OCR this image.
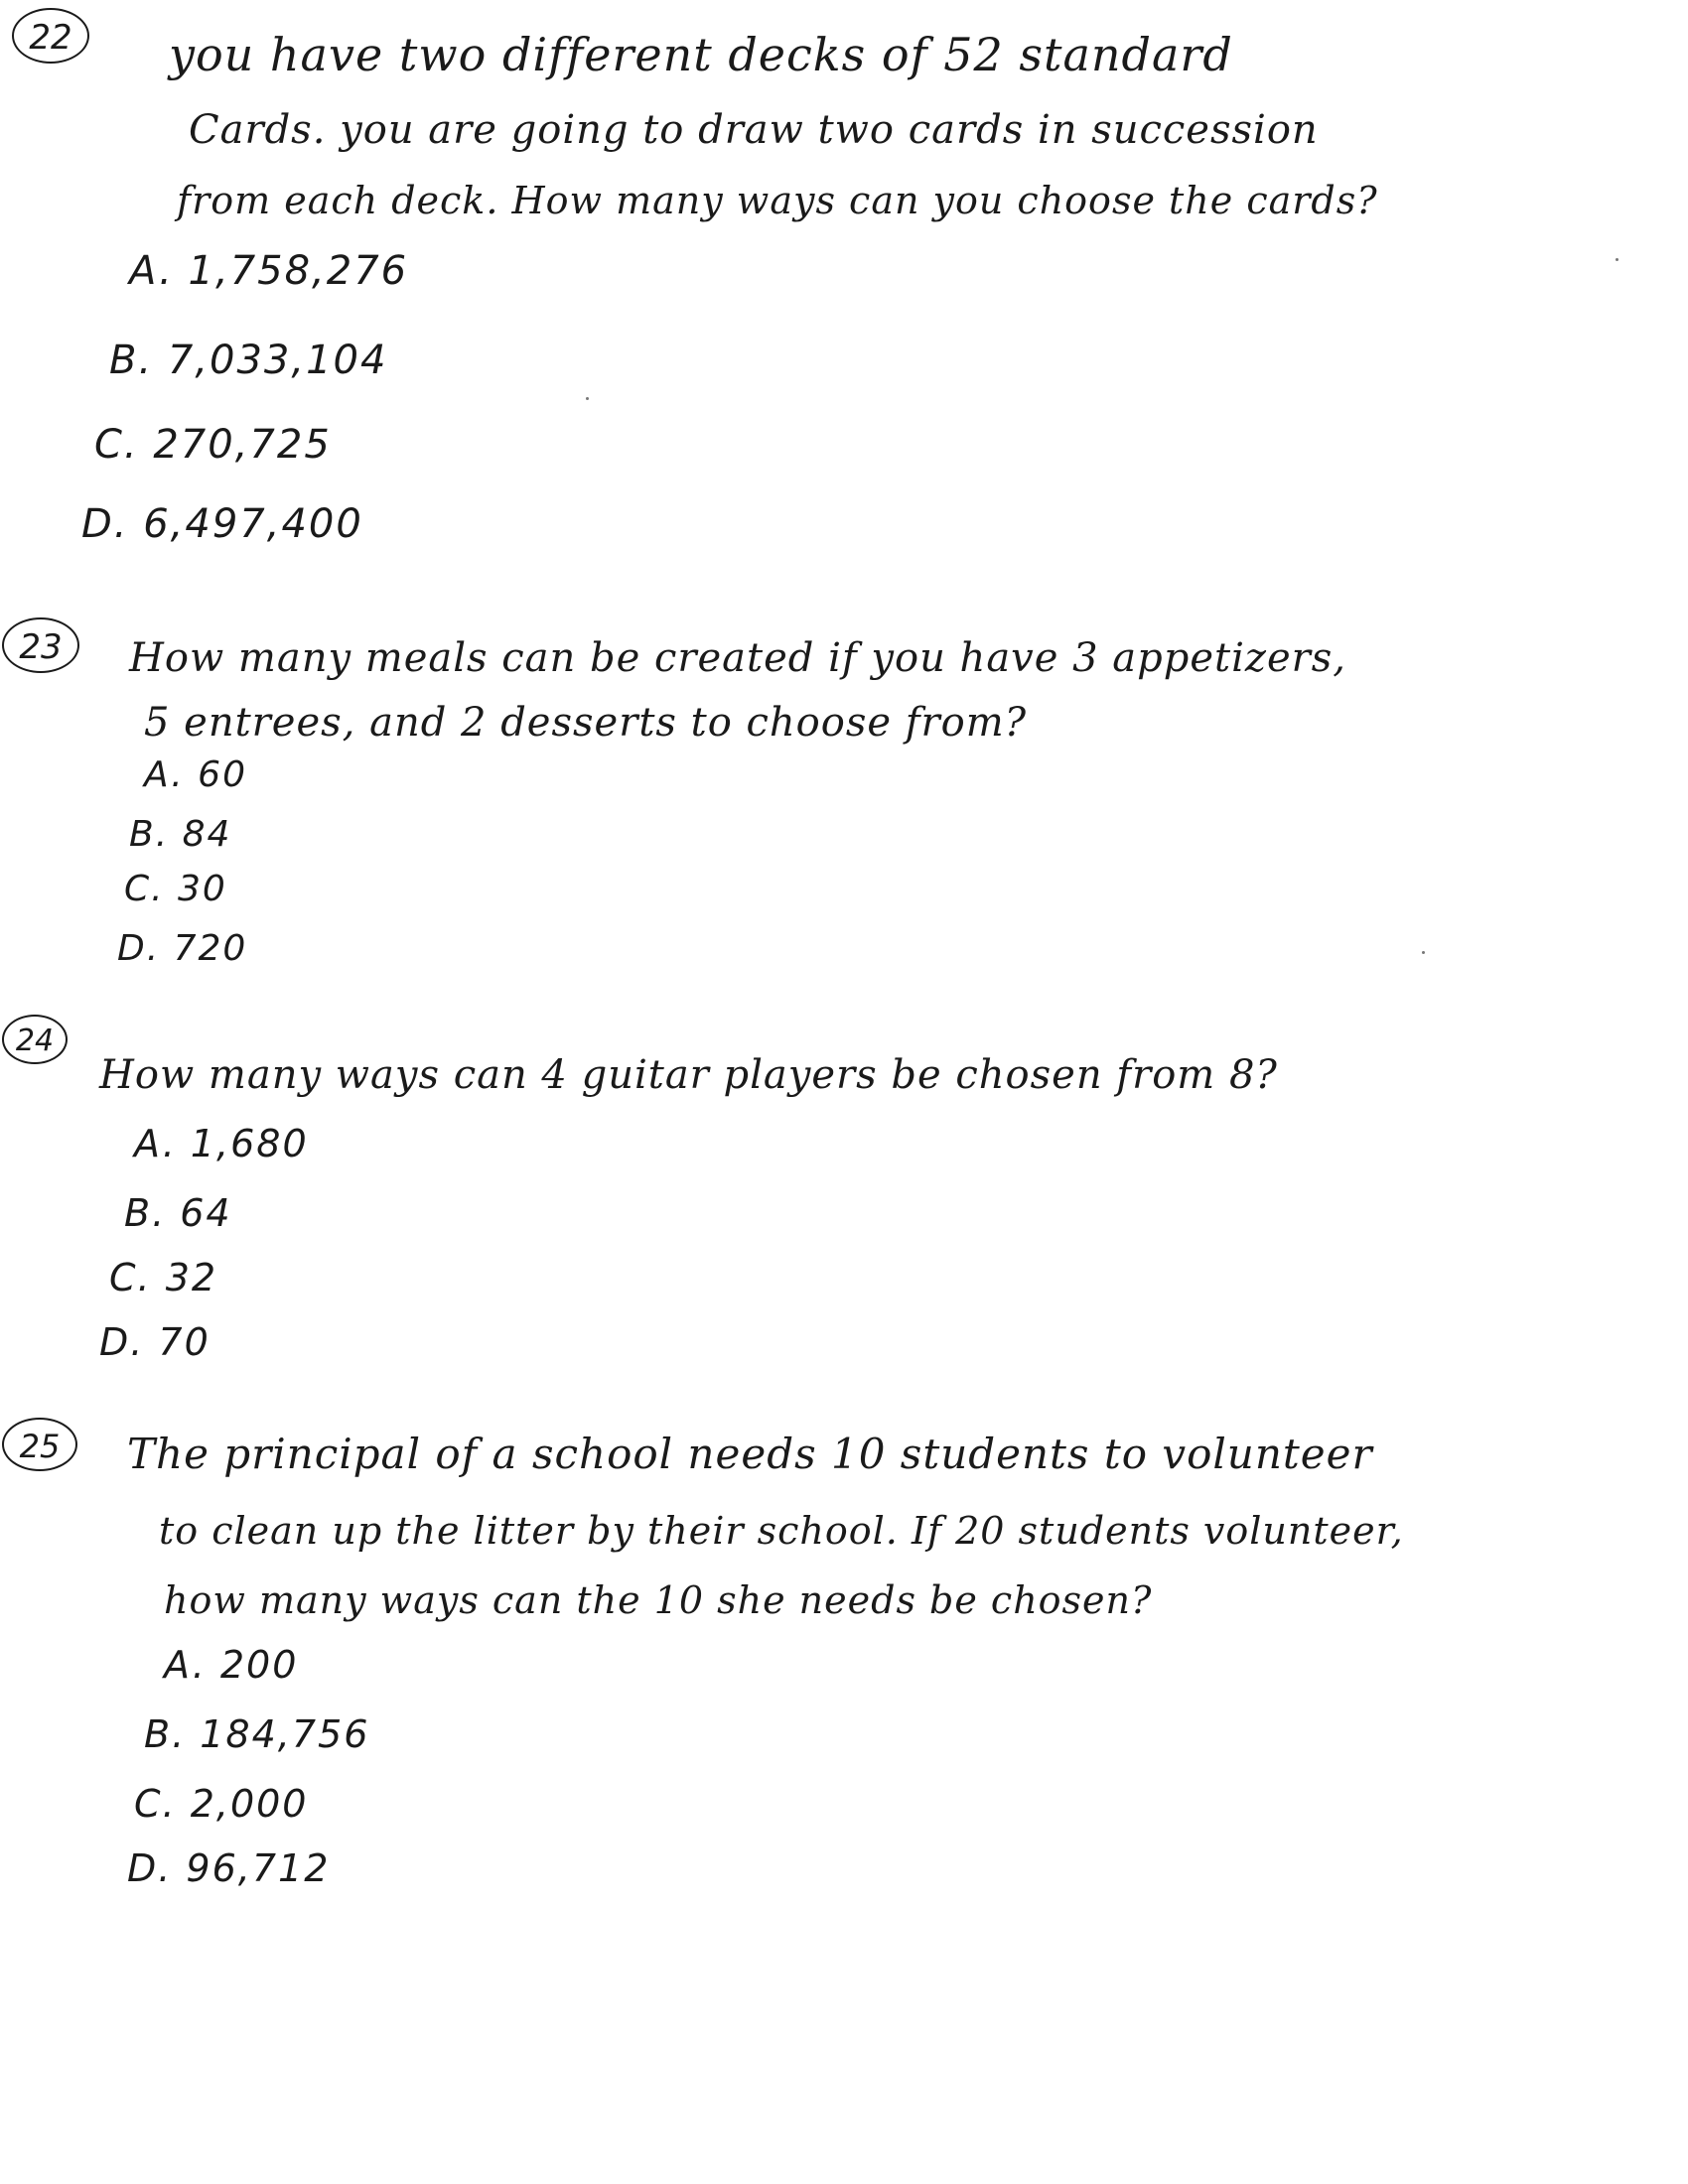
22	you have two different decks of 52 standard
Cards. you are going to draw two cards in succession
from each deck. How many ways can you choose the cards?
A. 1,758,276
B. 7,033,104
C. 270,725
D. 6,497,400
23	How many meals can be created if you have 3 appetizers,
5 entrees, and 2 desserts to choose from?
A. 60
B. 84
C. 30
D. 720
24
How many ways can 4 guitar players be chosen from 8?
A. 1,680
B. 64
C. 32
D. 70
25	The principal of a school needs 10 students to volunteer
to clean up the litter by their school. If 20 students volunteer,
how many ways can the 10 she needs be chosen?
A. 200
B. 184,756
C. 2,000
D. 96,712
